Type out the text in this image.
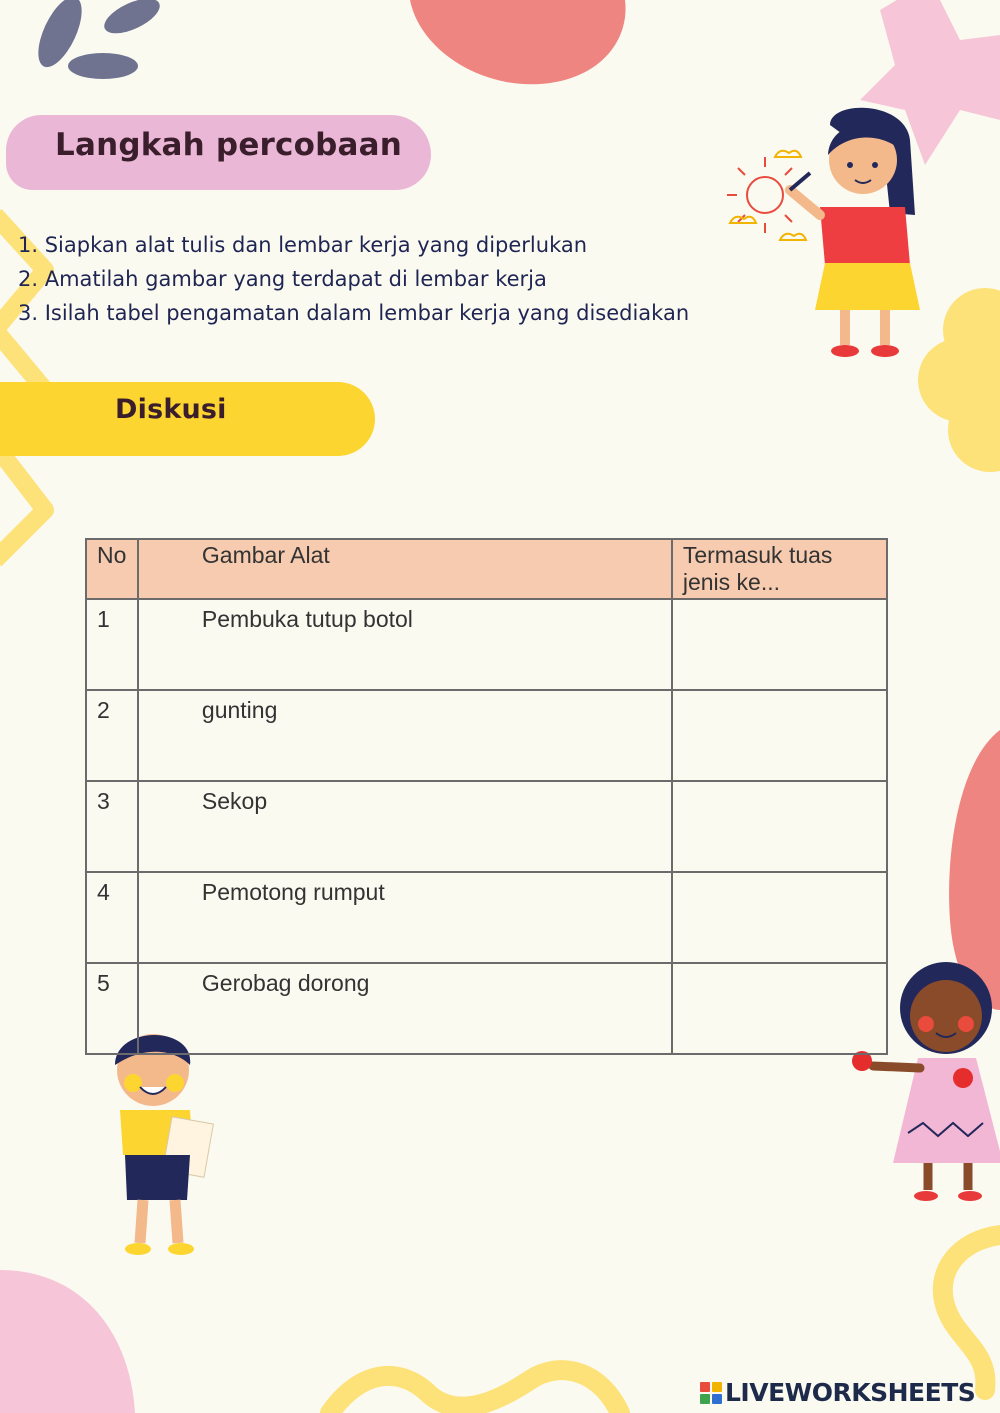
Langkah percobaan
1. Siapkan alat tulis dan lembar kerja yang diperlukan
2. Amatilah gambar yang terdapat di lembar kerja
3. Isilah tabel pengamatan dalam lembar kerja yang disediakan
Diskusi
No	Gambar Alat	Termasuk tuas jenis ke...
1	Pembuka tutup botol	
2	gunting	
3	Sekop	
4	Pemotong rumput	
5	Gerobag dorong	
LIVEWORKSHEETS
